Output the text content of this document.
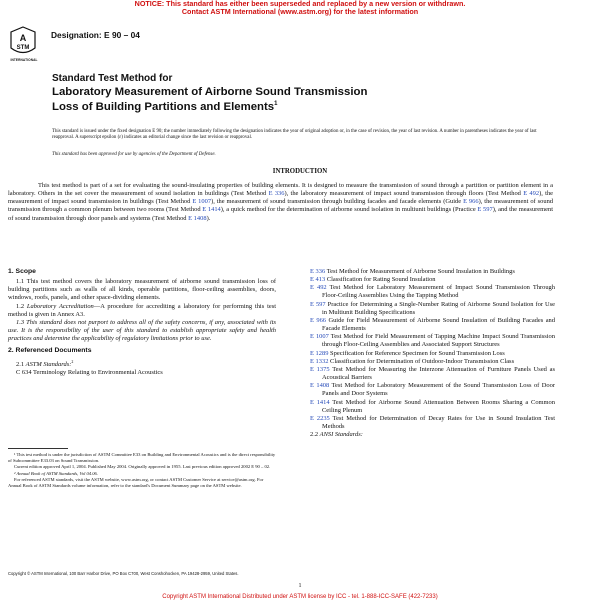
NOTICE: This standard has either been superseded and replaced by a new version or withdrawn.
Contact ASTM International (www.astm.org) for the latest information
A
STM
INTERNATIONAL
Designation: E 90 – 04
Standard Test Method for
Laboratory Measurement of Airborne Sound Transmission
Loss of Building Partitions and Elements$^1$
This standard is issued under the fixed designation E 90; the number immediately following the designation indicates the year of original adoption or, in the case of revision, the year of last revision. A number in parentheses indicates the year of last reapproval. A superscript epsilon (ε) indicates an editorial change since the last revision or reapproval.
This standard has been approved for use by agencies of the Department of Defense.
INTRODUCTION
This test method is part of a set for evaluating the sound-insulating properties of building elements. It is designed to measure the transmission of sound through a partition or partition element in a laboratory. Others in the set cover the measurement of sound isolation in buildings (Test Method E 336), the laboratory measurement of impact sound transmission through floors (Test Method E 492), the measurement of impact sound transmission in buildings (Test Method E 1007), the measurement of sound transmission through building facades and facade elements (Guide E 966), the measurement of sound transmission through a common plenum between two rooms (Test Method E 1414), a quick method for the determination of airborne sound isolation in multiunit buildings (Practice E 597), and the measurement of sound transmission through door panels and systems (Test Method E 1408).
1. Scope

1.1 This test method covers the laboratory measurement of airborne sound transmission loss of building partitions such as walls of all kinds, operable partitions, floor-ceiling assemblies, doors, windows, roofs, panels, and other space-dividing elements.

1.2 Laboratory Accreditation—A procedure for accrediting a laboratory for performing this test method is given in Annex A3.

1.3 This standard does not purport to address all of the safety concerns, if any, associated with its use. It is the responsibility of the user of this standard to establish appropriate safety and health practices and determine the applicability of regulatory limitations prior to use.

2. Referenced Documents

2.1 ASTM Standards:$^2$

C 634 Terminology Relating to Environmental Acoustics

E 336 Test Method for Measurement of Airborne Sound Insulation in Buildings

E 413 Classification for Rating Sound Insulation

E 492 Test Method for Laboratory Measurement of Impact Sound Transmission Through Floor-Ceiling Assemblies Using the Tapping Method

E 597 Practice for Determining a Single-Number Rating of Airborne Sound Isolation for Use in Multiunit Building Specifications

E 966 Guide for Field Measurement of Airborne Sound Insulation of Building Facades and Facade Elements

E 1007 Test Method for Field Measurement of Tapping Machine Impact Sound Transmission through Floor-Ceiling Assemblies and Associated Support Structures

E 1289 Specification for Reference Specimen for Sound Transmission Loss

E 1332 Classification for Determination of Outdoor-Indoor Transmission Class

E 1375 Test Method for Measuring the Interzone Attenuation of Furniture Panels Used as Acoustical Barriers

E 1408 Test Method for Laboratory Measurement of the Sound Transmission Loss of Door Panels and Door Systems

E 1414 Test Method for Airborne Sound Attenuation Between Rooms Sharing a Common Ceiling Plenum

E 2235 Test Method for Determination of Decay Rates for Use in Sound Insulation Test Methods

2.2 ANSI Standards:

¹ This test method is under the jurisdiction of ASTM Committee E33 on Building and Environmental Acoustics and is the direct responsibility of Subcommittee E33.03 on Sound Transmission.

Current edition approved April 1, 2004. Published May 2004. Originally approved in 1955. Last previous edition approved 2002 E 90 – 02.

² Annual Book of ASTM Standards, Vol 04.06.

For referenced ASTM standards, visit the ASTM website, www.astm.org, or contact ASTM Customer Service at service@astm.org. For Annual Book of ASTM Standards volume information, refer to the standard's Document Summary page on the ASTM website.

Copyright © ASTM International, 100 Barr Harbor Drive, PO Box C700, West Conshohocken, PA 19428-2959, United States.
1
Copyright ASTM International Distributed under ASTM license by ICC - tel. 1-888-ICC-SAFE (422-7233)
